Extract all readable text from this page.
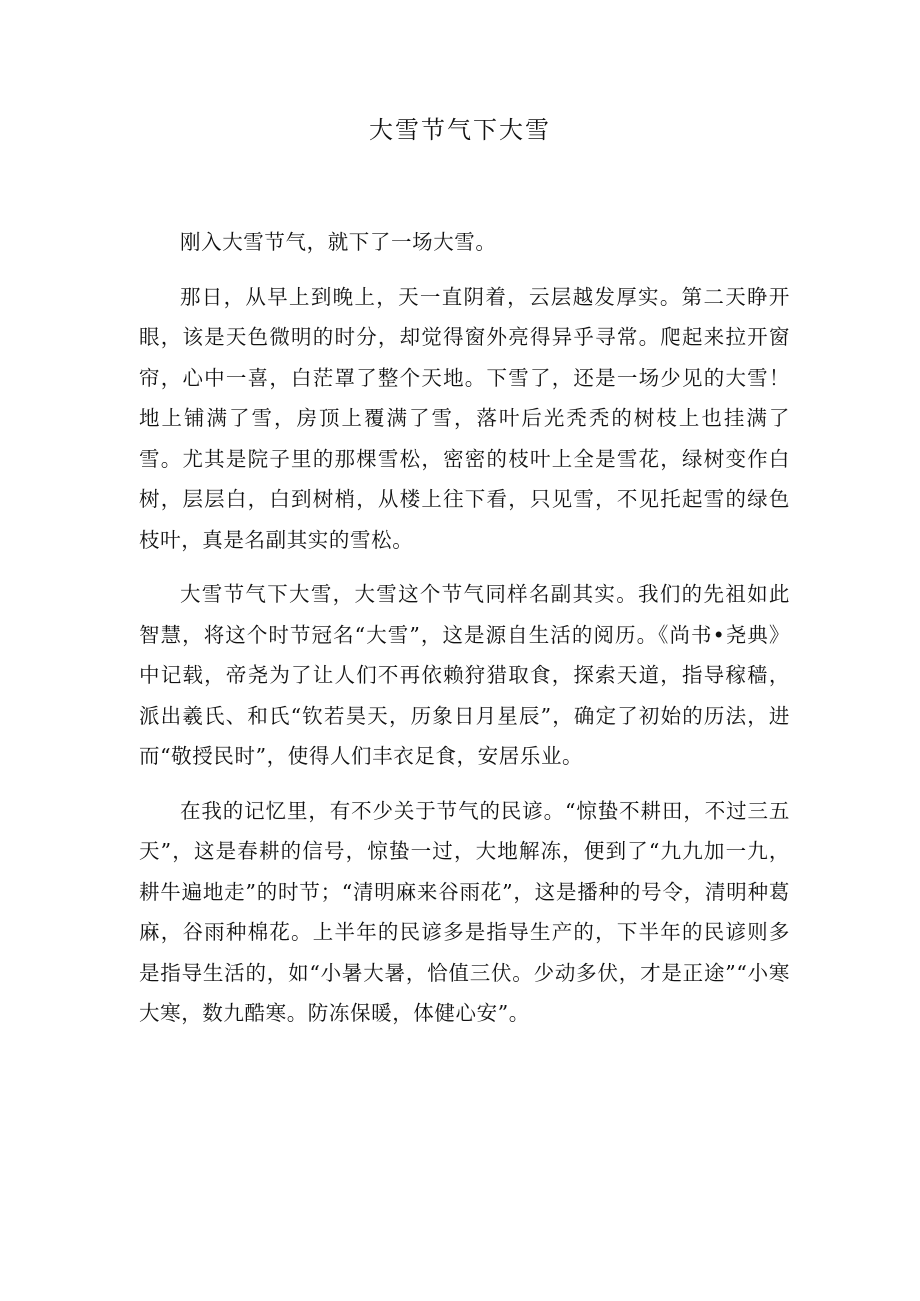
大雪节气下大雪

刚入大雪节气，就下了一场大雪。

那日，从早上到晚上，天一直阴着，云层越发厚实。第二天睁开眼，该是天色微明的时分，却觉得窗外亮得异乎寻常。爬起来拉开窗帘，心中一喜，白茫罩了整个天地。下雪了，还是一场少见的大雪！地上铺满了雪，房顶上覆满了雪，落叶后光秃秃的树枝上也挂满了雪。尤其是院子里的那棵雪松，密密的枝叶上全是雪花，绿树变作白树，层层白，白到树梢，从楼上往下看，只见雪，不见托起雪的绿色枝叶，真是名副其实的雪松。

大雪节气下大雪，大雪这个节气同样名副其实。我们的先祖如此智慧，将这个时节冠名“大雪”，这是源自生活的阅历。《尚书•尧典》中记载，帝尧为了让人们不再依赖狩猎取食，探索天道，指导稼穑，派出羲氏、和氏“钦若昊天，历象日月星辰”，确定了初始的历法，进而“敬授民时”，使得人们丰衣足食，安居乐业。

在我的记忆里，有不少关于节气的民谚。“惊蛰不耕田，不过三五天”，这是春耕的信号，惊蛰一过，大地解冻，便到了“九九加一九，耕牛遍地走”的时节；“清明麻来谷雨花”，这是播种的号令，清明种葛麻，谷雨种棉花。上半年的民谚多是指导生产的，下半年的民谚则多是指导生活的，如“小暑大暑，恰值三伏。少动多伏，才是正途”“小寒大寒，数九酷寒。防冻保暖，体健心安”。
